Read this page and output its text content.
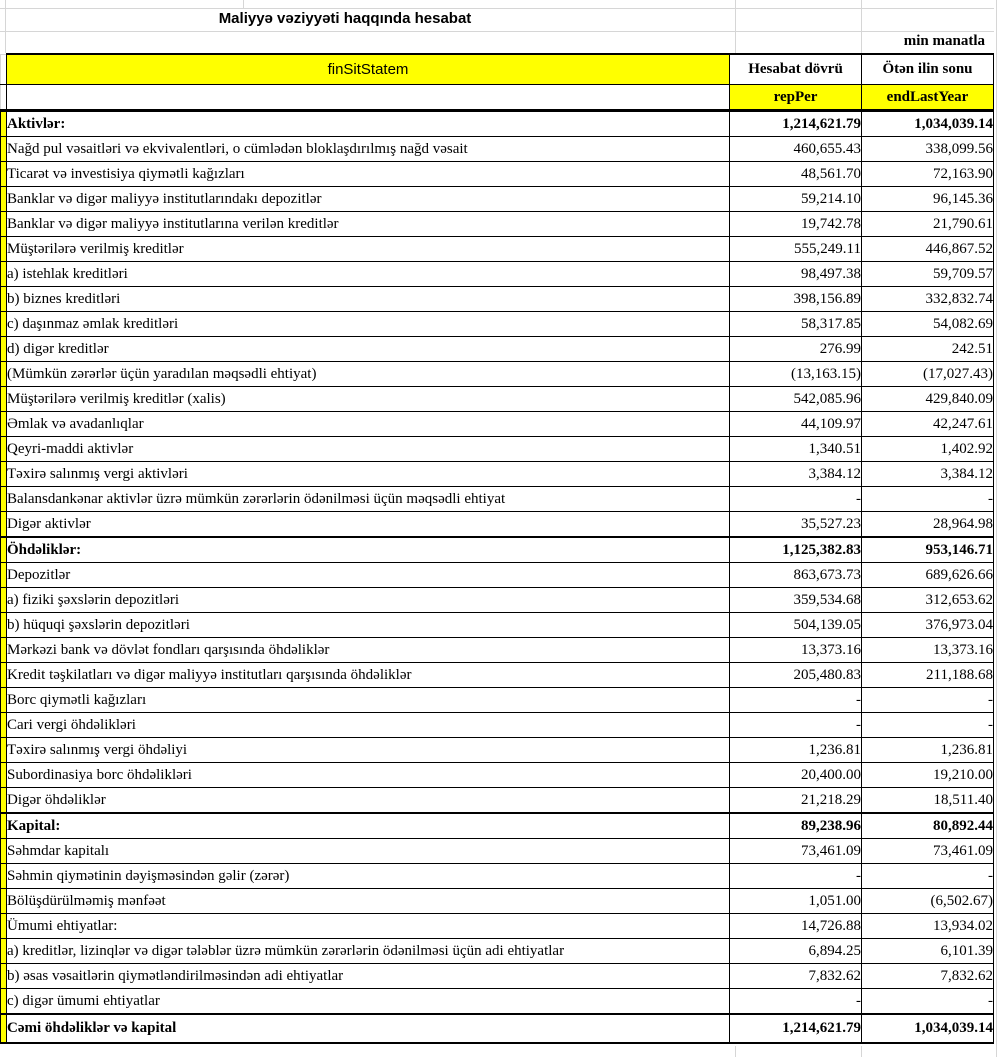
Maliyyə vəziyyəti haqqında hesabat
min manatla
	finSitStatem	Hesabat dövrü	Ötən ilin sonu
		repPer	endLastYear
	Aktivlər:	1,214,621.79	1,034,039.14
	Nağd pul vəsaitləri və ekvivalentləri, o cümlədən bloklaşdırılmış nağd vəsait	460,655.43	338,099.56
	Ticarət və investisiya qiymətli kağızları	48,561.70	72,163.90
	Banklar və digər maliyyə institutlarındakı depozitlər	59,214.10	96,145.36
	Banklar və digər maliyyə institutlarına verilən kreditlər	19,742.78	21,790.61
	Müştərilərə verilmiş kreditlər	555,249.11	446,867.52
	a) istehlak kreditləri	98,497.38	59,709.57
	b) biznes kreditləri	398,156.89	332,832.74
	c) daşınmaz əmlak kreditləri	58,317.85	54,082.69
	d) digər kreditlər	276.99	242.51
	(Mümkün zərərlər üçün yaradılan məqsədli ehtiyat)	(13,163.15)	(17,027.43)
	Müştərilərə verilmiş kreditlər (xalis)	542,085.96	429,840.09
	Əmlak və avadanlıqlar	44,109.97	42,247.61
	Qeyri-maddi aktivlər	1,340.51	1,402.92
	Təxirə salınmış vergi aktivləri	3,384.12	3,384.12
	Balansdankənar aktivlər üzrə mümkün zərərlərin ödənilməsi üçün məqsədli ehtiyat	-	-
	Digər aktivlər	35,527.23	28,964.98
	Öhdəliklər:	1,125,382.83	953,146.71
	Depozitlər	863,673.73	689,626.66
	a) fiziki şəxslərin depozitləri	359,534.68	312,653.62
	b) hüquqi şəxslərin depozitləri	504,139.05	376,973.04
	Mərkəzi bank və dövlət fondları qarşısında öhdəliklər	13,373.16	13,373.16
	Kredit təşkilatları və digər maliyyə institutları qarşısında öhdəliklər	205,480.83	211,188.68
	Borc qiymətli kağızları	-	-
	Cari vergi öhdəlikləri	-	-
	Təxirə salınmış vergi öhdəliyi	1,236.81	1,236.81
	Subordinasiya borc öhdəlikləri	20,400.00	19,210.00
	Digər öhdəliklər	21,218.29	18,511.40
	Kapital:	89,238.96	80,892.44
	Səhmdar kapitalı	73,461.09	73,461.09
	Səhmin qiymətinin dəyişməsindən gəlir (zərər)	-	-
	Bölüşdürülməmiş mənfəət	1,051.00	(6,502.67)
	Ümumi ehtiyatlar:	14,726.88	13,934.02
	a) kreditlər, lizinqlər və digər tələblər üzrə mümkün zərərlərin ödənilməsi üçün adi ehtiyatlar	6,894.25	6,101.39
	b) əsas vəsaitlərin qiymətləndirilməsindən adi ehtiyatlar	7,832.62	7,832.62
	c) digər ümumi ehtiyatlar	-	-
	Cəmi öhdəliklər və kapital	1,214,621.79	1,034,039.14
